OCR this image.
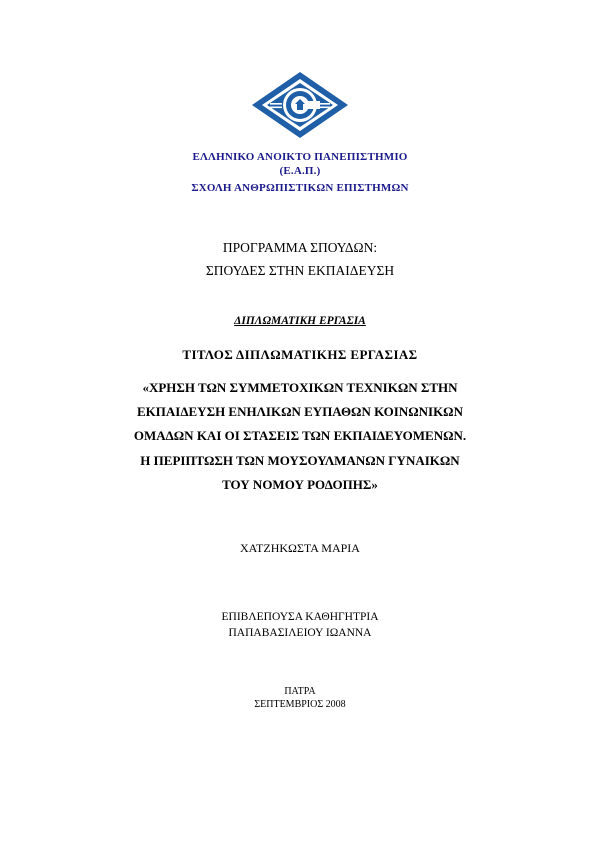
ΕΛΛΗΝΙΚΟ ΑΝΟΙΚΤΟ ΠΑΝΕΠΙΣΤΗΜΙΟ
(Ε.Α.Π.)
ΣΧΟΛΗ ΑΝΘΡΩΠΙΣΤΙΚΩΝ ΕΠΙΣΤΗΜΩΝ
ΠΡΟΓΡΑΜΜΑ ΣΠΟΥΔΩΝ:
ΣΠΟΥΔΕΣ ΣΤΗΝ ΕΚΠΑΙΔΕΥΣΗ
ΔΙΠΛΩΜΑΤΙΚΗ ΕΡΓΑΣΙΑ
ΤΙΤΛΟΣ ΔΙΠΛΩΜΑΤΙΚΗΣ ΕΡΓΑΣΙΑΣ
«ΧΡΗΣΗ ΤΩΝ ΣΥΜΜΕΤΟΧΙΚΩΝ ΤΕΧΝΙΚΩΝ ΣΤΗΝ
ΕΚΠΑΙΔΕΥΣΗ ΕΝΗΛΙΚΩΝ ΕΥΠΑΘΩΝ ΚΟΙΝΩΝΙΚΩΝ
ΟΜΑΔΩΝ ΚΑΙ ΟΙ ΣΤΑΣΕΙΣ ΤΩΝ ΕΚΠΑΙΔΕΥΟΜΕΝΩΝ.
Η ΠΕΡΙΠΤΩΣΗ ΤΩΝ ΜΟΥΣΟΥΛΜΑΝΩΝ ΓΥΝΑΙΚΩΝ
ΤΟΥ ΝΟΜΟΥ ΡΟΔΟΠΗΣ»
ΧΑΤΖΗΚΩΣΤΑ ΜΑΡΙΑ
ΕΠΙΒΛΕΠΟΥΣΑ ΚΑΘΗΓΗΤΡΙΑ
ΠΑΠΑΒΑΣΙΛΕΙΟΥ ΙΩΑΝΝΑ
ΠΑΤΡΑ
ΣΕΠΤΕΜΒΡΙΟΣ 2008
